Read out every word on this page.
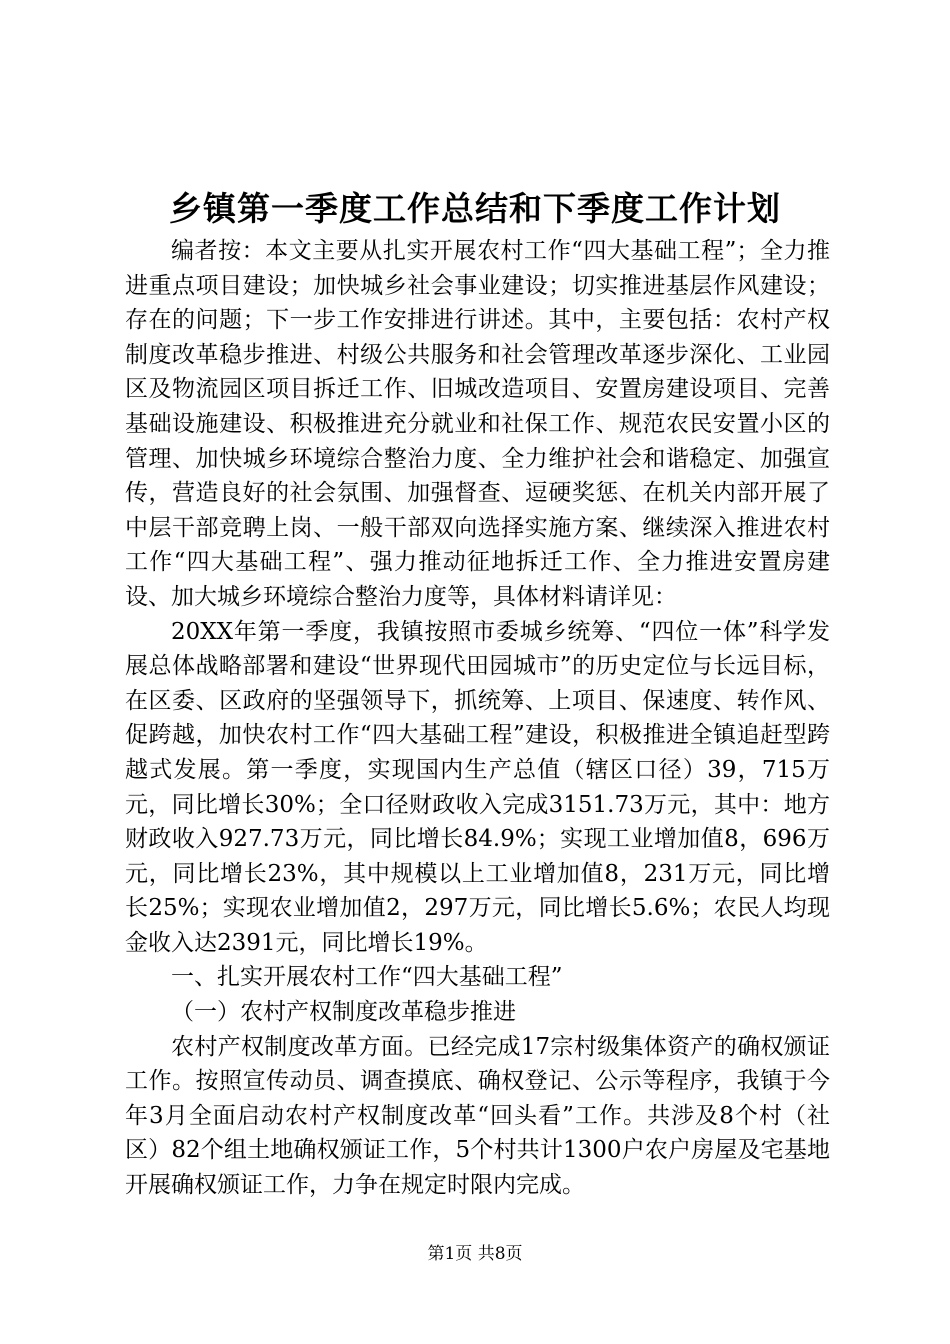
乡镇第一季度工作总结和下季度工作计划

编者按：本文主要从扎实开展农村工作“四大基础工程”；全力推进重点项目建设；加快城乡社会事业建设；切实推进基层作风建设；存在的问题；下一步工作安排进行讲述。其中，主要包括：农村产权制度改革稳步推进、村级公共服务和社会管理改革逐步深化、工业园区及物流园区项目拆迁工作、旧城改造项目、安置房建设项目、完善基础设施建设、积极推进充分就业和社保工作、规范农民安置小区的管理、加快城乡环境综合整治力度、全力维护社会和谐稳定、加强宣传，营造良好的社会氛围、加强督查、逗硬奖惩、在机关内部开展了中层干部竞聘上岗、一般干部双向选择实施方案、继续深入推进农村工作“四大基础工程”、强力推动征地拆迁工作、全力推进安置房建设、加大城乡环境综合整治力度等，具体材料请详见：

20XX年第一季度，我镇按照市委城乡统筹、“四位一体”科学发展总体战略部署和建设“世界现代田园城市”的历史定位与长远目标，在区委、区政府的坚强领导下，抓统筹、上项目、保速度、转作风、促跨越，加快农村工作“四大基础工程”建设，积极推进全镇追赶型跨越式发展。第一季度，实现国内生产总值（辖区口径）39，715万元，同比增长30%；全口径财政收入完成3151.73万元，其中：地方财政收入927.73万元，同比增长84.9%；实现工业增加值8，696万元，同比增长23%，其中规模以上工业增加值8，231万元，同比增长25%；实现农业增加值2，297万元，同比增长5.6%；农民人均现金收入达2391元，同比增长19%。

一、扎实开展农村工作“四大基础工程”

（一）农村产权制度改革稳步推进

农村产权制度改革方面。已经完成17宗村级集体资产的确权颁证工作。按照宣传动员、调查摸底、确权登记、公示等程序，我镇于今年3月全面启动农村产权制度改革“回头看”工作。共涉及8个村（社区）82个组土地确权颁证工作，5个村共计1300户农户房屋及宅基地开展确权颁证工作，力争在规定时限内完成。

第1页 共8页
